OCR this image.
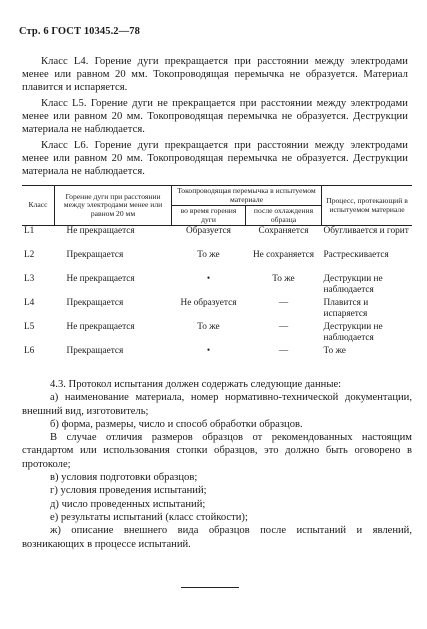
Стр. 6 ГОСТ 10345.2—78
Класс L4. Горение дуги прекращается при расстоянии между электродами менее или равном 20 мм. Токопроводящая перемычка не образуется. Материал плавится и испаряется.
Класс L5. Горение дуги не прекращается при расстоянии между электродами менее или равном 20 мм. Токопроводящая перемычка не образуется. Деструкции материала не наблюдается.
Класс L6. Горение дуги прекращается при расстоянии между электродами менее или равном 20 мм. Токопроводящая перемычка не образуется. Деструкции материала не наблюдается.
Класс	Горение дуги при расстоянии между электродами менее или равном 20 мм	Токопроводящая перемычка в испытуемом материале		Процесс, протекающий в испытуемом материале
		во время горения дуги	после охлаждения образца	
L1	Не прекращается	Образуется	Сохраняется	Обугливается и горит
L2	Прекращается	То же	Не сохраняется	Растрескивается
L3	Не прекращается	•	То же	Деструкции не наблюдается
L4	Прекращается	Не образуется	—	Плавится и испаряется
L5	Не прекращается	То же	—	Деструкции не наблюдается
L6	Прекращается	•	—	То же
4.3. Протокол испытания должен содержать следующие данные:
а) наименование материала, номер нормативно-технической документации, внешний вид, изготовитель;
б) форма, размеры, число и способ обработки образцов.
В случае отличия размеров образцов от рекомендованных настоящим стандартом или использования стопки образцов, это должно быть оговорено в протоколе;
в) условия подготовки образцов;
г) условия проведения испытаний;
д) число проведенных испытаний;
е) результаты испытаний (класс стойкости);
ж) описание внешнего вида образцов после испытаний и явлений, возникающих в процессе испытаний.
